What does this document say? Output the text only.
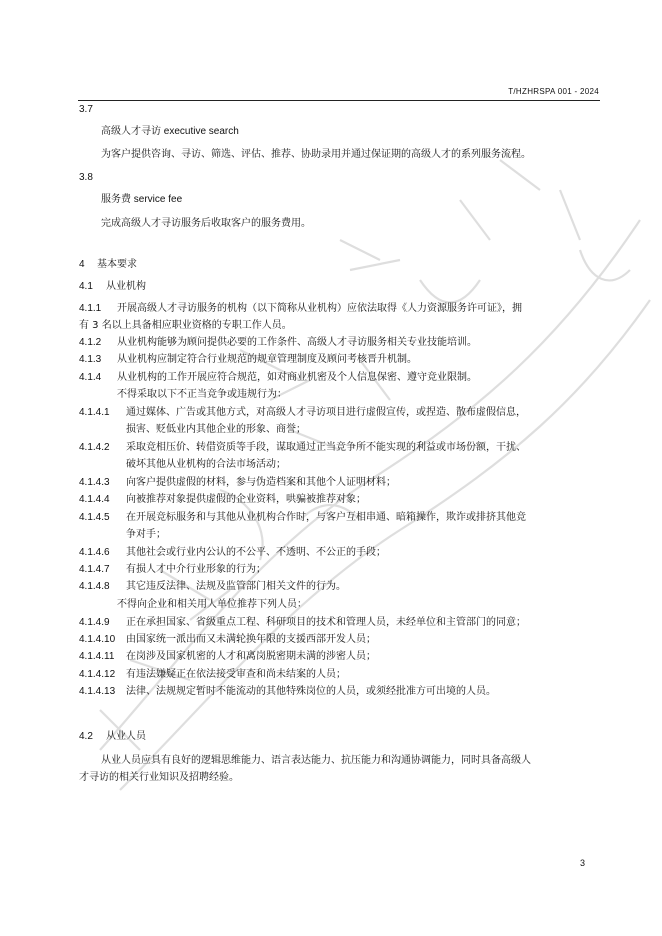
T/HZHRSPA 001 - 2024
3.7
高级人才寻访 executive search
为客户提供咨询、寻访、筛选、评估、推荐、协助录用并通过保证期的高级人才的系列服务流程。
3.8
服务费 service fee
完成高级人才寻访服务后收取客户的服务费用。
4 基本要求
4.1 从业机构
4.1.1 开展高级人才寻访服务的机构（以下简称从业机构）应依法取得《人力资源服务许可证》，拥
有 3 名以上具备相应职业资格的专职工作人员。
4.1.2 从业机构能够为顾问提供必要的工作条件、高级人才寻访服务相关专业技能培训。
4.1.3 从业机构应制定符合行业规范的规章管理制度及顾问考核晋升机制。
4.1.4 从业机构的工作开展应符合规范，如对商业机密及个人信息保密、遵守竞业限制。
不得采取以下不正当竞争或违规行为：
4.1.4.1 通过媒体、广告或其他方式，对高级人才寻访项目进行虚假宣传，或捏造、散布虚假信息，
损害、贬低业内其他企业的形象、商誉；
4.1.4.2 采取竞相压价、转借资质等手段，谋取通过正当竞争所不能实现的利益或市场份额，干扰、
破坏其他从业机构的合法市场活动；
4.1.4.3 向客户提供虚假的材料，参与伪造档案和其他个人证明材料；
4.1.4.4 向被推荐对象提供虚假的企业资料，哄骗被推荐对象；
4.1.4.5 在开展竞标服务和与其他从业机构合作时，与客户互相串通、暗箱操作，欺诈或排挤其他竞
争对手；
4.1.4.6 其他社会或行业内公认的不公平、不透明、不公正的手段；
4.1.4.7 有损人才中介行业形象的行为；
4.1.4.8 其它违反法律、法规及监管部门相关文件的行为。
不得向企业和相关用人单位推荐下列人员：
4.1.4.9 正在承担国家、省级重点工程、科研项目的技术和管理人员，未经单位和主管部门的同意；
4.1.4.10 由国家统一派出而又未满轮换年限的支援西部开发人员；
4.1.4.11 在岗涉及国家机密的人才和离岗脱密期未满的涉密人员；
4.1.4.12 有违法嫌疑正在依法接受审查和尚未结案的人员；
4.1.4.13 法律、法规规定暂时不能流动的其他特殊岗位的人员，或须经批准方可出境的人员。
4.2 从业人员
从业人员应具有良好的逻辑思维能力、语言表达能力、抗压能力和沟通协调能力，同时具备高级人
才寻访的相关行业知识及招聘经验。
3
